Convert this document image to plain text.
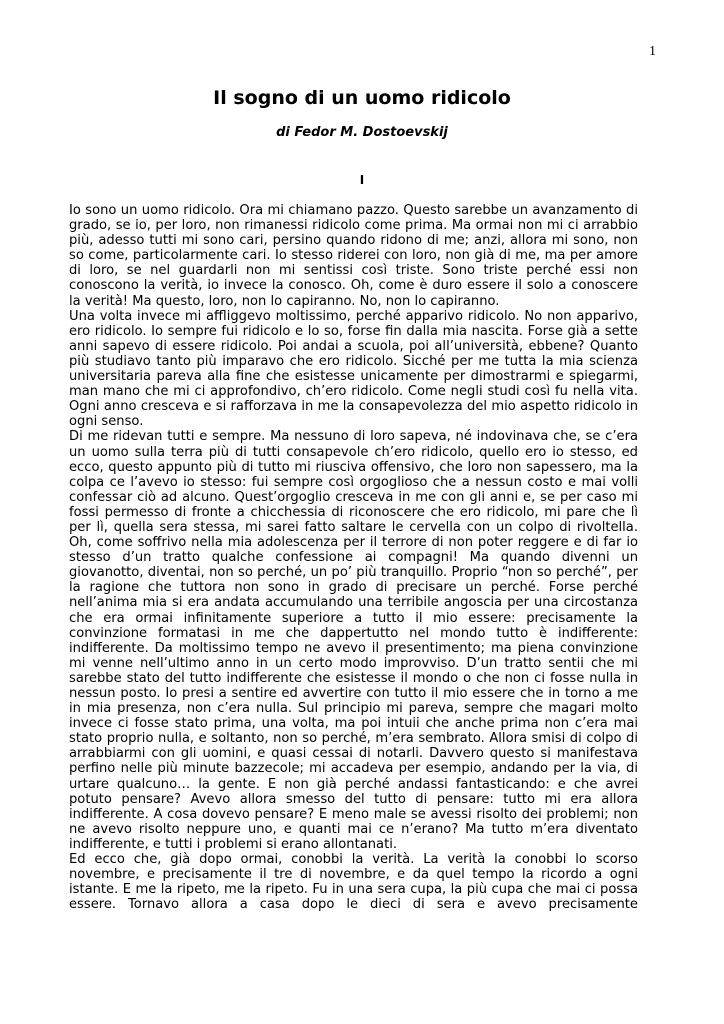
1
Il sogno di un uomo ridicolo
di Fedor M. Dostoevskij
I

Io sono un uomo ridicolo. Ora mi chiamano pazzo. Questo sarebbe un avanzamento di grado, se io, per loro, non rimanessi ridicolo come prima. Ma ormai non mi ci arrabbio più, adesso tutti mi sono cari, persino quando ridono di me; anzi, allora mi sono, non so come, particolarmente cari. Io stesso riderei con loro, non già di me, ma per amore di loro, se nel guardarli non mi sentissi così triste. Sono triste perché essi non conoscono la verità, io invece la conosco. Oh, come è duro essere il solo a conoscere la verità! Ma questo, loro, non lo capiranno. No, non lo capiranno.

Una volta invece mi affliggevo moltissimo, perché apparivo ridicolo. No non apparivo, ero ridicolo. Io sempre fui ridicolo e lo so, forse fin dalla mia nascita. Forse già a sette anni sapevo di essere ridicolo. Poi andai a scuola, poi all’università, ebbene? Quanto più studiavo tanto più imparavo che ero ridicolo. Sicché per me tutta la mia scienza universitaria pareva alla fine che esistesse unicamente per dimostrarmi e spiegarmi, man mano che mi ci approfondivo, ch’ero ridicolo. Come negli studi così fu nella vita. Ogni anno cresceva e si rafforzava in me la consapevolezza del mio aspetto ridicolo in ogni senso.

Di me ridevan tutti e sempre. Ma nessuno di loro sapeva, né indovinava che, se c’era un uomo sulla terra più di tutti consapevole ch’ero ridicolo, quello ero io stesso, ed ecco, questo appunto più di tutto mi riusciva offensivo, che loro non sapessero, ma la colpa ce l’avevo io stesso: fui sempre così orgoglioso che a nessun costo e mai volli confessar ciò ad alcuno. Quest’orgoglio cresceva in me con gli anni e, se per caso mi fossi permesso di fronte a chicchessia di riconoscere che ero ridicolo, mi pare che lì per lì, quella sera stessa, mi sarei fatto saltare le cervella con un colpo di rivoltella. Oh, come soffrivo nella mia adolescenza per il terrore di non poter reggere e di far io stesso d’un tratto qualche confessione ai compagni! Ma quando divenni un giovanotto, diventai, non so perché, un po’ più tranquillo. Proprio “non so perché”, per la ragione che tuttora non sono in grado di precisare un perché. Forse perché nell’anima mia si era andata accumulando una terribile angoscia per una circostanza che era ormai infinitamente superiore a tutto il mio essere: precisamente la convinzione formatasi in me che dappertutto nel mondo tutto è indifferente: indifferente. Da moltissimo tempo ne avevo il presentimento; ma piena convinzione mi venne nell’ultimo anno in un certo modo improvviso. D’un tratto sentii che mi sarebbe stato del tutto indifferente che esistesse il mondo o che non ci fosse nulla in nessun posto. Io presi a sentire ed avvertire con tutto il mio essere che in torno a me in mia presenza, non c’era nulla. Sul principio mi pareva, sempre che magari molto invece ci fosse stato prima, una volta, ma poi intuii che anche prima non c’era mai stato proprio nulla, e soltanto, non so perché, m’era sembrato. Allora smisi di colpo di arrabbiarmi con gli uomini, e quasi cessai di notarli. Davvero questo si manifestava perfino nelle più minute bazzecole; mi accadeva per esempio, andando per la via, di urtare qualcuno… la gente. E non già perché andassi fantasticando: e che avrei potuto pensare? Avevo allora smesso del tutto di pensare: tutto mi era allora indifferente. A cosa dovevo pensare? E meno male se avessi risolto dei problemi; non ne avevo risolto neppure uno, e quanti mai ce n’erano? Ma tutto m’era diventato indifferente, e tutti i problemi si erano allontanati.

Ed ecco che, già dopo ormai, conobbi la verità. La verità la conobbi lo scorso novembre, e precisamente il tre di novembre, e da quel tempo la ricordo a ogni istante. E me la ripeto, me la ripeto. Fu in una sera cupa, la più cupa che mai ci possa essere. Tornavo allora a casa dopo le dieci di sera e avevo precisamente
